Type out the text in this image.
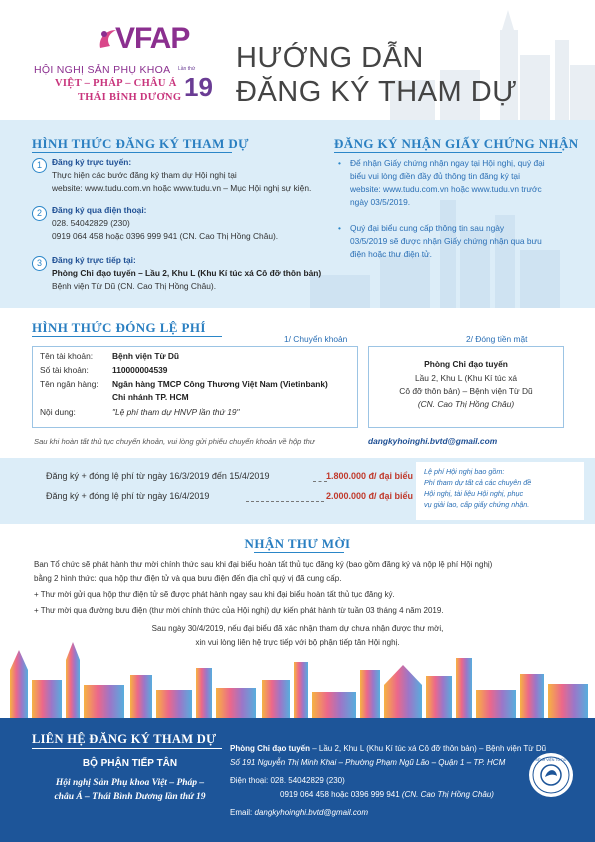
VFAP
HỘI NGHỊ SẢN PHỤ KHOA
VIỆT – PHÁP – CHÂU Á
THÁI BÌNH DƯƠNG
Lần thứ
19
HƯỚNG DẪN
ĐĂNG KÝ THAM DỰ
HÌNH THỨC ĐĂNG KÝ THAM DỰ
1	Đăng ký trực tuyến:
Thực hiện các bước đăng ký tham dự Hội nghị tại
website: www.tudu.com.vn hoặc www.tudu.vn – Mục Hội nghị sự kiện.
2	Đăng ký qua điện thoại:
028. 54042829 (230)
0919 064 458 hoặc 0396 999 941 (CN. Cao Thị Hồng Châu).
3	Đăng ký trực tiếp tại:
Phòng Chỉ đạo tuyến – Lầu 2, Khu L (Khu Kí túc xá Cô đỡ thôn bản)
Bệnh viện Từ Dũ (CN. Cao Thị Hồng Châu).
ĐĂNG KÝ NHẬN GIẤY CHỨNG NHẬN
• Để nhận Giấy chứng nhận ngay tại Hội nghị, quý đại
biểu vui lòng điền đầy đủ thông tin đăng ký tại
website: www.tudu.com.vn hoặc www.tudu.vn trước
ngày 03/5/2019.
• Quý đại biểu cung cấp thông tin sau ngày
03/5/2019 sẽ được nhận Giấy chứng nhận qua bưu
điện hoặc thư điện tử.
HÌNH THỨC ĐÓNG LỆ PHÍ
1/ Chuyển khoản	2/ Đóng tiền mặt
Tên tài khoản: Bệnh viện Từ Dũ
Số tài khoản:	110000004539
Tên ngân hàng: Ngân hàng TMCP Công Thương Việt Nam (Vietinbank)
Chi nhánh TP. HCM
Nội dung:	"Lệ phí tham dự HNVP lần thứ 19"
Phòng Chỉ đạo tuyến
Lầu 2, Khu L (Khu Kí túc xá
Cô đỡ thôn bản) – Bệnh viện Từ Dũ
(CN. Cao Thị Hồng Châu)
Sau khi hoàn tất thủ tục chuyển khoản, vui lòng gửi phiếu chuyển khoản về hộp thư	dangkyhoinghi.bvtd@gmail.com
Đăng ký + đóng lệ phí từ ngày 16/3/2019 đến 15/4/2019	1.800.000 đ/ đại biểu
Đăng ký + đóng lệ phí từ ngày 16/4/2019	2.000.000 đ/ đại biểu
Lệ phí Hội nghị bao gồm:
Phí tham dự tất cả các chuyên đề
Hội nghị, tài liệu Hội nghị, phục
vụ giải lao, cấp giấy chứng nhận.
NHẬN THƯ MỜI
Ban Tổ chức sẽ phát hành thư mời chính thức sau khi đại biểu hoàn tất thủ tục đăng ký (bao gồm đăng ký và nộp lệ phí Hội nghị)
bằng 2 hình thức: qua hộp thư điện tử và qua bưu điện đến địa chỉ quý vị đã cung cấp.
+ Thư mời gửi qua hộp thư điện tử sẽ được phát hành ngay sau khi đại biểu hoàn tất thủ tục đăng ký.
+ Thư mời qua đường bưu điện (thư mời chính thức của Hội nghị) dự kiến phát hành từ tuần 03 tháng 4 năm 2019.
Sau ngày 30/4/2019, nếu đại biểu đã xác nhận tham dự chưa nhận được thư mời,
xin vui lòng liên hệ trực tiếp với bộ phận tiếp tân Hội nghị.
LIÊN HỆ ĐĂNG KÝ THAM DỰ
BỘ PHẬN TIẾP TÂN
Hội nghị Sản Phụ khoa Việt – Pháp –
châu Á – Thái Bình Dương lần thứ 19
Phòng Chỉ đạo tuyến – Lầu 2, Khu L (Khu Kí túc xá Cô đỡ thôn bản) – Bệnh viện Từ Dũ
Số 191 Nguyễn Thị Minh Khai – Phường Phạm Ngũ Lão – Quận 1 – TP. HCM
Điện thoại: 028. 54042829 (230)
0919 064 458 hoặc 0396 999 941 (CN. Cao Thị Hồng Châu)
Email: dangkyhoinghi.bvtd@gmail.com
BỆNH VIỆN TỪ DŨ
